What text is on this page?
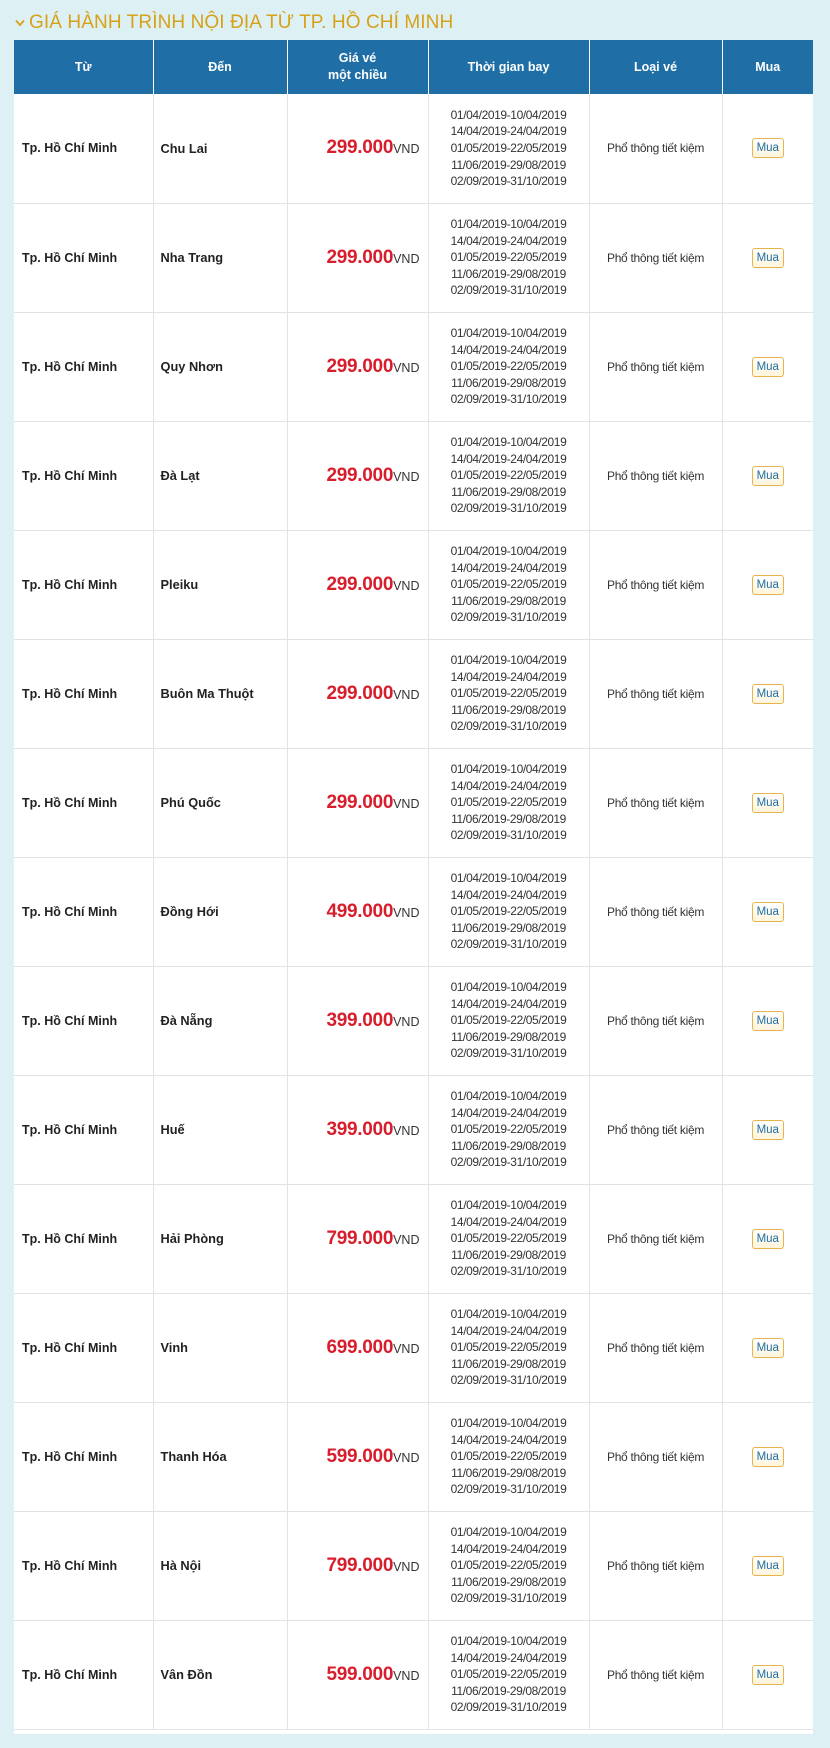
GIÁ HÀNH TRÌNH NỘI ĐỊA TỪ TP. HỒ CHÍ MINH
Từ	Đến	Giá vé
một chiều	Thời gian bay	Loại vé	Mua
Tp. Hồ Chí Minh	Chu Lai	299.000VND	01/04/2019-10/04/2019
14/04/2019-24/04/2019
01/05/2019-22/05/2019
11/06/2019-29/08/2019
02/09/2019-31/10/2019	Phổ thông tiết kiệm	Mua
Tp. Hồ Chí Minh	Nha Trang	299.000VND	01/04/2019-10/04/2019
14/04/2019-24/04/2019
01/05/2019-22/05/2019
11/06/2019-29/08/2019
02/09/2019-31/10/2019	Phổ thông tiết kiệm	Mua
Tp. Hồ Chí Minh	Quy Nhơn	299.000VND	01/04/2019-10/04/2019
14/04/2019-24/04/2019
01/05/2019-22/05/2019
11/06/2019-29/08/2019
02/09/2019-31/10/2019	Phổ thông tiết kiệm	Mua
Tp. Hồ Chí Minh	Đà Lạt	299.000VND	01/04/2019-10/04/2019
14/04/2019-24/04/2019
01/05/2019-22/05/2019
11/06/2019-29/08/2019
02/09/2019-31/10/2019	Phổ thông tiết kiệm	Mua
Tp. Hồ Chí Minh	Pleiku	299.000VND	01/04/2019-10/04/2019
14/04/2019-24/04/2019
01/05/2019-22/05/2019
11/06/2019-29/08/2019
02/09/2019-31/10/2019	Phổ thông tiết kiệm	Mua
Tp. Hồ Chí Minh	Buôn Ma Thuột	299.000VND	01/04/2019-10/04/2019
14/04/2019-24/04/2019
01/05/2019-22/05/2019
11/06/2019-29/08/2019
02/09/2019-31/10/2019	Phổ thông tiết kiệm	Mua
Tp. Hồ Chí Minh	Phú Quốc	299.000VND	01/04/2019-10/04/2019
14/04/2019-24/04/2019
01/05/2019-22/05/2019
11/06/2019-29/08/2019
02/09/2019-31/10/2019	Phổ thông tiết kiệm	Mua
Tp. Hồ Chí Minh	Đồng Hới	499.000VND	01/04/2019-10/04/2019
14/04/2019-24/04/2019
01/05/2019-22/05/2019
11/06/2019-29/08/2019
02/09/2019-31/10/2019	Phổ thông tiết kiệm	Mua
Tp. Hồ Chí Minh	Đà Nẵng	399.000VND	01/04/2019-10/04/2019
14/04/2019-24/04/2019
01/05/2019-22/05/2019
11/06/2019-29/08/2019
02/09/2019-31/10/2019	Phổ thông tiết kiệm	Mua
Tp. Hồ Chí Minh	Huế	399.000VND	01/04/2019-10/04/2019
14/04/2019-24/04/2019
01/05/2019-22/05/2019
11/06/2019-29/08/2019
02/09/2019-31/10/2019	Phổ thông tiết kiệm	Mua
Tp. Hồ Chí Minh	Hải Phòng	799.000VND	01/04/2019-10/04/2019
14/04/2019-24/04/2019
01/05/2019-22/05/2019
11/06/2019-29/08/2019
02/09/2019-31/10/2019	Phổ thông tiết kiệm	Mua
Tp. Hồ Chí Minh	Vinh	699.000VND	01/04/2019-10/04/2019
14/04/2019-24/04/2019
01/05/2019-22/05/2019
11/06/2019-29/08/2019
02/09/2019-31/10/2019	Phổ thông tiết kiệm	Mua
Tp. Hồ Chí Minh	Thanh Hóa	599.000VND	01/04/2019-10/04/2019
14/04/2019-24/04/2019
01/05/2019-22/05/2019
11/06/2019-29/08/2019
02/09/2019-31/10/2019	Phổ thông tiết kiệm	Mua
Tp. Hồ Chí Minh	Hà Nội	799.000VND	01/04/2019-10/04/2019
14/04/2019-24/04/2019
01/05/2019-22/05/2019
11/06/2019-29/08/2019
02/09/2019-31/10/2019	Phổ thông tiết kiệm	Mua
Tp. Hồ Chí Minh	Vân Đồn	599.000VND	01/04/2019-10/04/2019
14/04/2019-24/04/2019
01/05/2019-22/05/2019
11/06/2019-29/08/2019
02/09/2019-31/10/2019	Phổ thông tiết kiệm	Mua
